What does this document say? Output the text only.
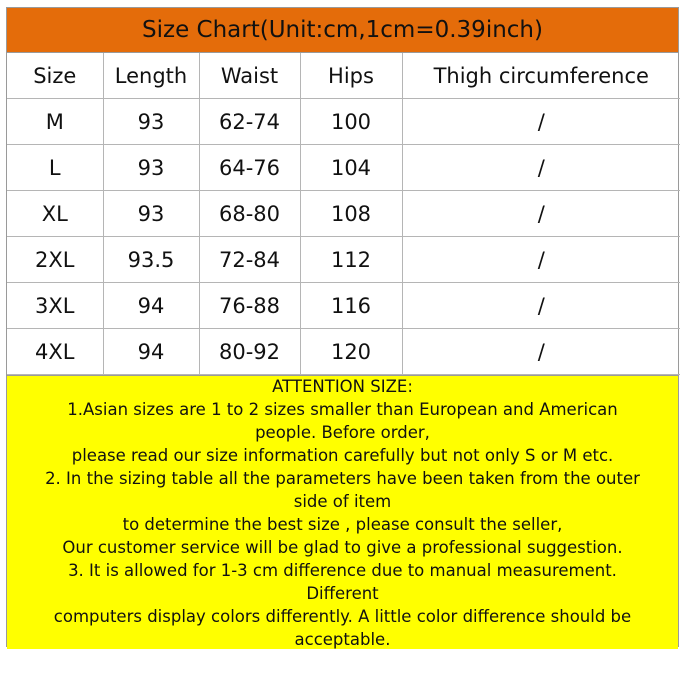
Size Chart(Unit:cm,1cm=0.39inch)
Size	Length	Waist	Hips	Thigh circumference
M	93	62-74	100	/
L	93	64-76	104	/
XL	93	68-80	108	/
2XL	93.5	72-84	112	/
3XL	94	76-88	116	/
4XL	94	80-92	120	/
ATTENTION SIZE:
1.Asian sizes are 1 to 2 sizes smaller than European and American
people. Before order,
please read our size information carefully but not only S or M etc.
2. In the sizing table all the parameters have been taken from the outer
side of item
to determine the best size , please consult the seller,
Our customer service will be glad to give a professional suggestion.
3. It is allowed for 1-3 cm difference due to manual measurement.
Different
computers display colors differently. A little color difference should be
acceptable.
